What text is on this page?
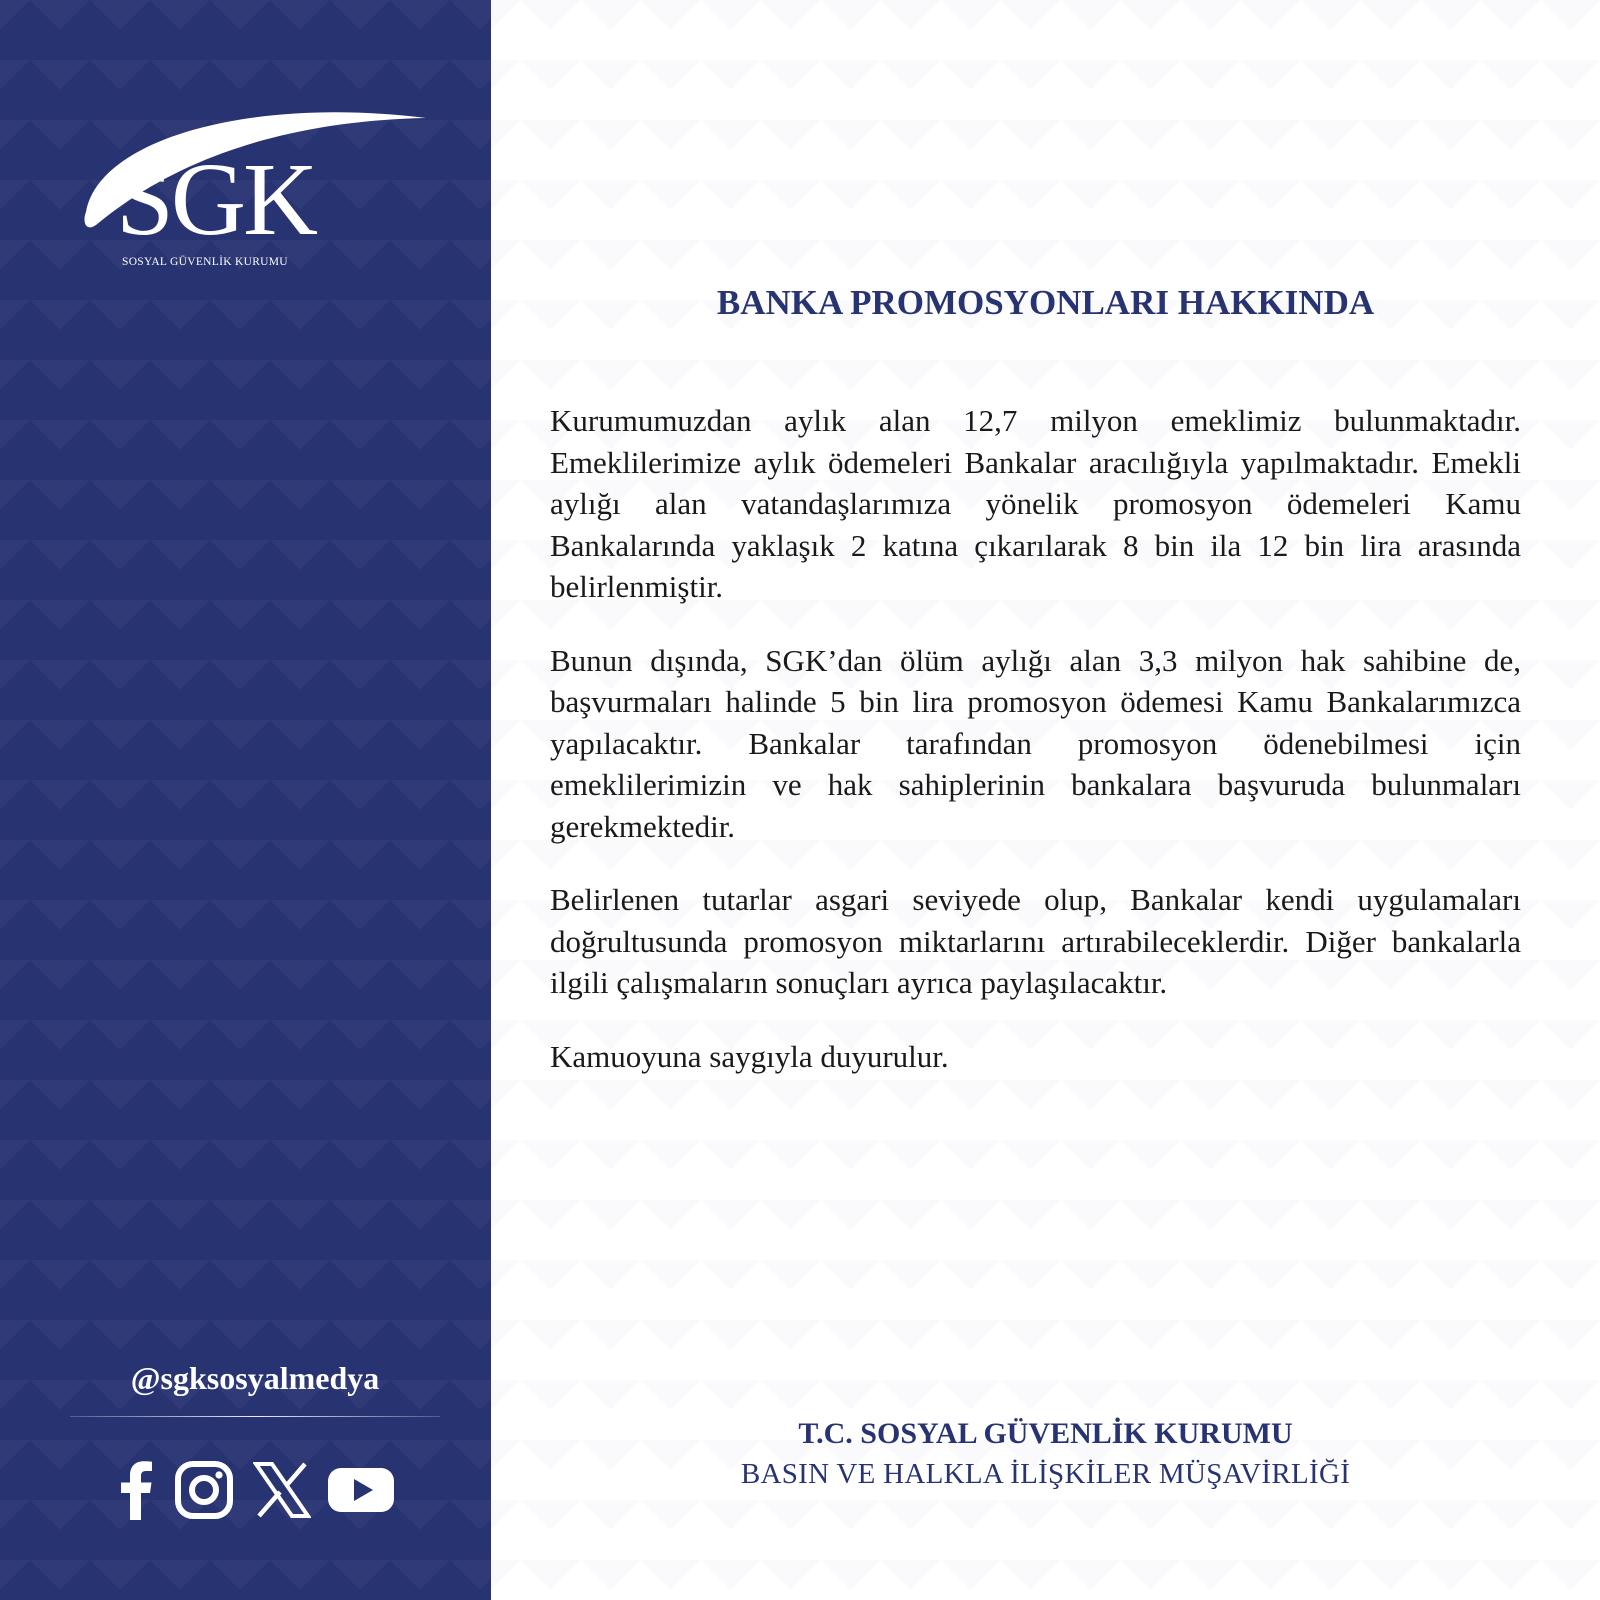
SGK
SOSYAL GÜVENLİK KURUMU
@sgksosyalmedya
BANKA PROMOSYONLARI HAKKINDA

Kurumumuzdan aylık alan 12,7 milyon emeklimiz bulunmaktadır. Emeklilerimize aylık ödemeleri Bankalar aracılığıyla yapılmaktadır. Emekli aylığı alan vatandaşlarımıza yönelik promosyon ödemeleri Kamu Bankalarında yaklaşık 2 katına çıkarılarak 8 bin ila 12 bin lira arasında belirlenmiştir.

Bunun dışında, SGK’dan ölüm aylığı alan 3,3 milyon hak sahibine de, başvurmaları halinde 5 bin lira promosyon ödemesi Kamu Bankalarımızca yapılacaktır. Bankalar tarafından promosyon ödenebilmesi için emeklilerimizin ve hak sahiplerinin bankalara başvuruda bulunmaları gerekmektedir.

Belirlenen tutarlar asgari seviyede olup, Bankalar kendi uygulamaları doğrultusunda promosyon miktarlarını artırabileceklerdir. Diğer bankalarla ilgili çalışmaların sonuçları ayrıca paylaşılacaktır.

Kamuoyuna saygıyla duyurulur.

T.C. SOSYAL GÜVENLİK KURUMU
BASIN VE HALKLA İLİŞKİLER MÜŞAVİRLİĞİ
